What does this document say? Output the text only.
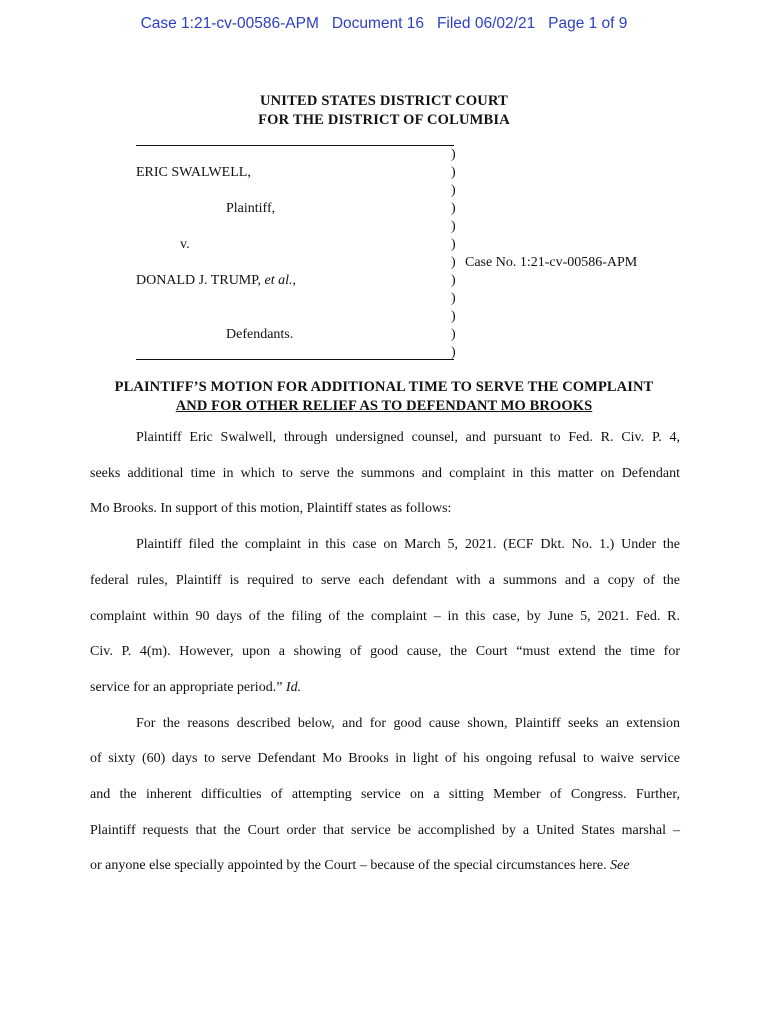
Case 1:21-cv-00586-APM Document 16 Filed 06/02/21 Page 1 of 9
UNITED STATES DISTRICT COURT
FOR THE DISTRICT OF COLUMBIA
)
)
)
)
)
)
)
)
)
)
)
)
ERIC SWALWELL,
Plaintiff,
v.
DONALD J. TRUMP, et al.,
Defendants.
Case No. 1:21-cv-00586-APM
PLAINTIFF’S MOTION FOR ADDITIONAL TIME TO SERVE THE COMPLAINT
AND FOR OTHER RELIEF AS TO DEFENDANT MO BROOKS
Plaintiff Eric Swalwell, through undersigned counsel, and pursuant to Fed. R. Civ. P. 4,
seeks additional time in which to serve the summons and complaint in this matter on Defendant
Mo Brooks. In support of this motion, Plaintiff states as follows:
Plaintiff filed the complaint in this case on March 5, 2021. (ECF Dkt. No. 1.) Under the
federal rules, Plaintiff is required to serve each defendant with a summons and a copy of the
complaint within 90 days of the filing of the complaint – in this case, by June 5, 2021. Fed. R.
Civ. P. 4(m). However, upon a showing of good cause, the Court “must extend the time for
service for an appropriate period.” Id.
For the reasons described below, and for good cause shown, Plaintiff seeks an extension
of sixty (60) days to serve Defendant Mo Brooks in light of his ongoing refusal to waive service
and the inherent difficulties of attempting service on a sitting Member of Congress. Further,
Plaintiff requests that the Court order that service be accomplished by a United States marshal –
or anyone else specially appointed by the Court – because of the special circumstances here. See
